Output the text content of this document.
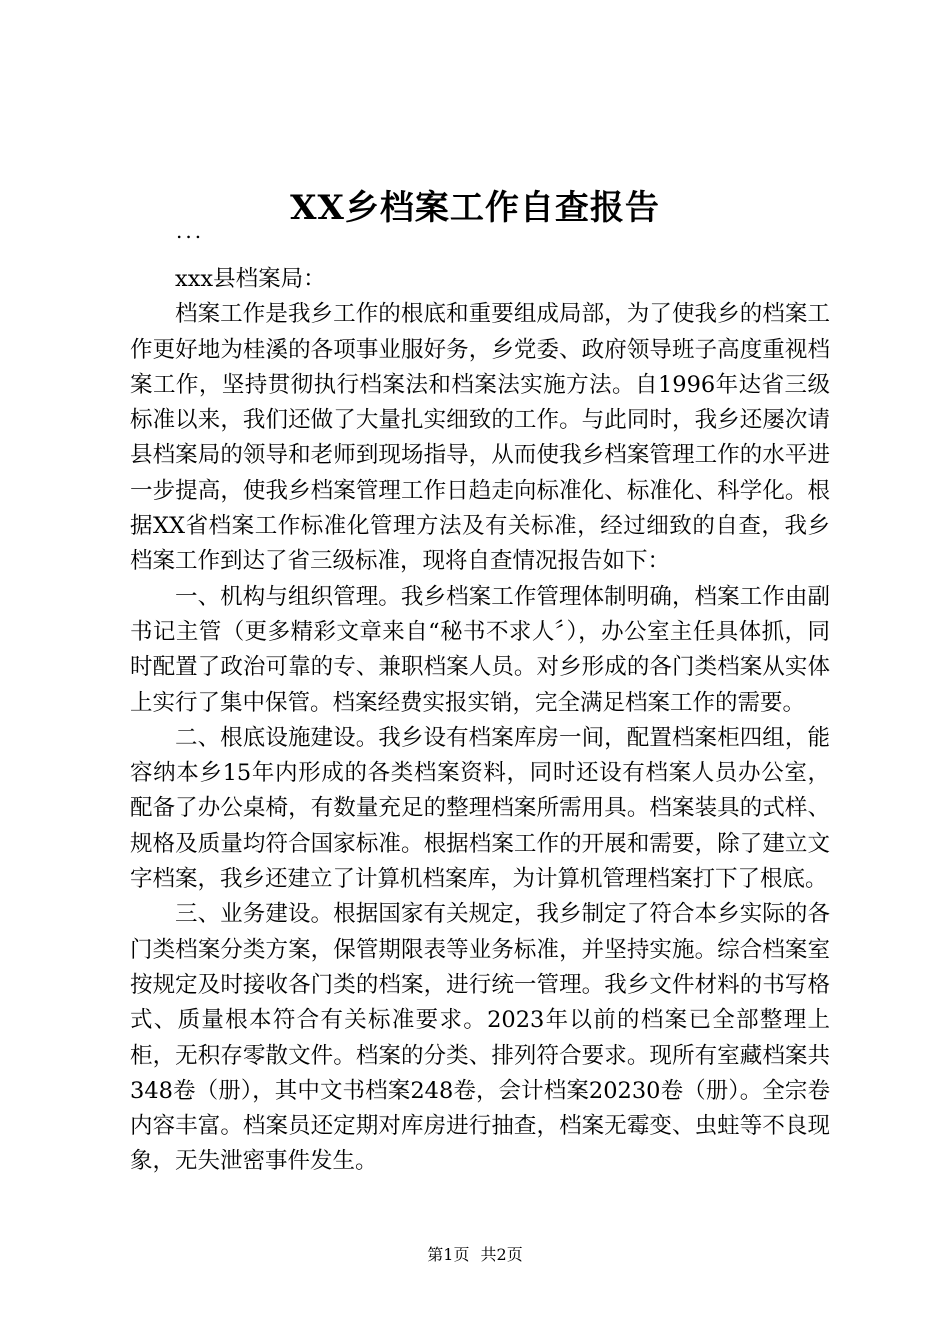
XX乡档案工作自查报告
...

xxx县档案局：

档案工作是我乡工作的根底和重要组成局部，为了使我乡的档案工作更好地为桂溪的各项事业服好务，乡党委、政府领导班子高度重视档案工作，坚持贯彻执行档案法和档案法实施方法。自1996年达省三级标准以来，我们还做了大量扎实细致的工作。与此同时，我乡还屡次请县档案局的领导和老师到现场指导，从而使我乡档案管理工作的水平进一步提高，使我乡档案管理工作日趋走向标准化、标准化、科学化。根据XX省档案工作标准化管理方法及有关标准，经过细致的自查，我乡档案工作到达了省三级标准，现将自查情况报告如下：

一、机构与组织管理。我乡档案工作管理体制明确，档案工作由副书记主管（更多精彩文章来自“秘书不求人〞），办公室主任具体抓，同时配置了政治可靠的专、兼职档案人员。对乡形成的各门类档案从实体上实行了集中保管。档案经费实报实销，完全满足档案工作的需要。

二、根底设施建设。我乡设有档案库房一间，配置档案柜四组，能容纳本乡15年内形成的各类档案资料，同时还设有档案人员办公室，配备了办公桌椅，有数量充足的整理档案所需用具。档案装具的式样、规格及质量均符合国家标准。根据档案工作的开展和需要，除了建立文字档案，我乡还建立了计算机档案库，为计算机管理档案打下了根底。

三、业务建设。根据国家有关规定，我乡制定了符合本乡实际的各门类档案分类方案，保管期限表等业务标准，并坚持实施。综合档案室按规定及时接收各门类的档案，进行统一管理。我乡文件材料的书写格式、质量根本符合有关标准要求。2023年以前的档案已全部整理上柜，无积存零散文件。档案的分类、排列符合要求。现所有室藏档案共348卷（册），其中文书档案248卷，会计档案20230卷（册）。全宗卷内容丰富。档案员还定期对库房进行抽查，档案无霉变、虫蛀等不良现象，无失泄密事件发生。

第1页 共2页
